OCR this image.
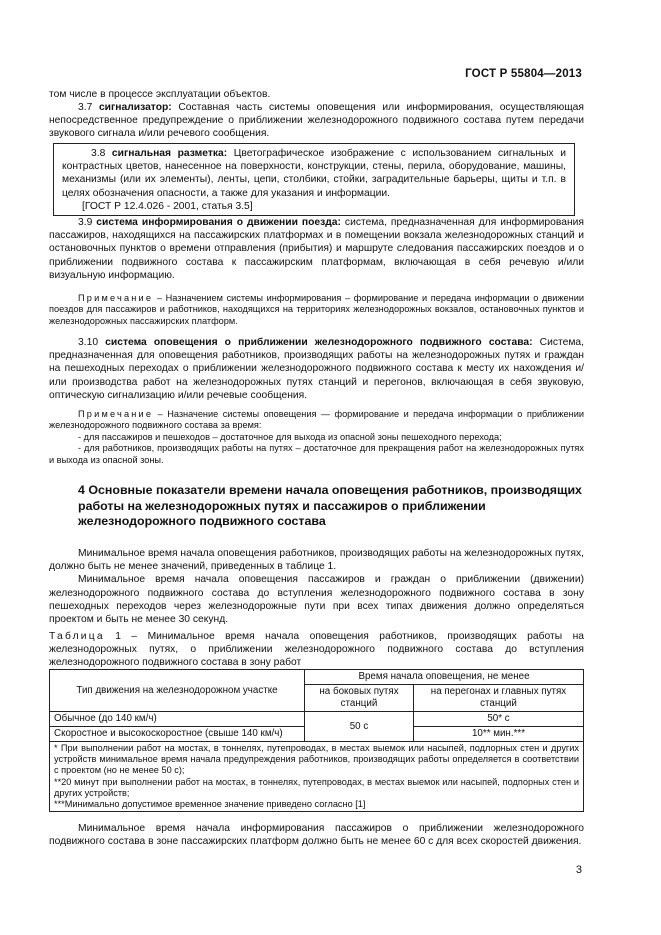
ГОСТ Р 55804—2013

том числе в процессе эксплуатации объектов.

3.7 сигнализатор: Составная часть системы оповещения или информирования, осуществляющая непосредственное предупреждение о приближении железнодорожного подвижного состава путем передачи звукового сигнала и/или речевого сообщения.

3.8 сигнальная разметка: Цветографическое изображение с использованием сигнальных и контрастных цветов, нанесенное на поверхности, конструкции, стены, перила, оборудование, машины, механизмы (или их элементы), ленты, цепи, столбики, стойки, заградительные барьеры, щиты и т.п. в целях обозначения опасности, а также для указания и информации.

[ГОСТ Р 12.4.026 - 2001, статья 3.5]

3.9 система информирования о движении поезда: система, предназначенная для информирования пассажиров, находящихся на пассажирских платформах и в помещении вокзала железнодорожных станций и остановочных пунктов о времени отправления (прибытия) и маршруте следования пассажирских поездов и о приближении подвижного состава к пассажирским платформам, включающая в себя речевую и/или визуальную информацию.

Примечание – Назначением системы информирования – формирование и передача информации о движении поездов для пассажиров и работников, находящихся на территориях железнодорожных вокзалов, остановочных пунктов и железнодорожных пассажирских платформ.

3.10 система оповещения о приближении железнодорожного подвижного состава: Система, предназначенная для оповещения работников, производящих работы на железнодорожных путях и граждан на пешеходных переходах о приближении железнодорожного подвижного состава к месту их нахождения и/или производства работ на железнодорожных путях станций и перегонов, включающая в себя звуковую, оптическую сигнализацию и/или речевые сообщения.

Примечание – Назначение системы оповещения — формирование и передача информации о приближении железнодорожного подвижного состава за время:

- для пассажиров и пешеходов – достаточное для выхода из опасной зоны пешеходного перехода;

- для работников, производящих работы на путях – достаточное для прекращения работ на железнодорожных путях и выхода из опасной зоны.

4 Основные показатели времени начала оповещения работников, производящих работы на железнодорожных путях и пассажиров о приближении железнодорожного подвижного состава

Минимальное время начала оповещения работников, производящих работы на железнодорожных путях, должно быть не менее значений, приведенных в таблице 1.

Минимальное время начала оповещения пассажиров и граждан о приближении (движении) железнодорожного подвижного состава до вступления железнодорожного подвижного состава в зону пешеходных переходов через железнодорожные пути при всех типах движения должно определяться проектом и быть не менее 30 секунд.

Таблица 1 – Минимальное время начала оповещения работников, производящих работы на железнодорожных путях, о приближении железнодорожного подвижного состава до вступления железнодорожного подвижного состава в зону работ

Тип движения на железнодорожном участке	Время начала оповещения, не менее	
	на боковых путях станций	на перегонах и главных путях станций
Обычное (до 140 км/ч)	50 с	50* с
Скоростное и высокоскоростное (свыше 140 км/ч)		10** мин.***

* При выполнении работ на мостах, в тоннелях, путепроводах, в местах выемок или насыпей, подлорных стен и других устройств минимальное время начала предупреждения работников, производящих работы определяется в соответствии с проектом (но не менее 50 с);
**20 минут при выполнении работ на мостах, в тоннелях, путепроводах, в местах выемок или насыпей, подпорных стен и других устройств;
***Минимально допустимое временное значение приведено согласно [1]		

Минимальное время начала информирования пассажиров о приближении железнодорожного подвижного состава в зоне пассажирских платформ должно быть не менее 60 с для всех скоростей движения.

3
